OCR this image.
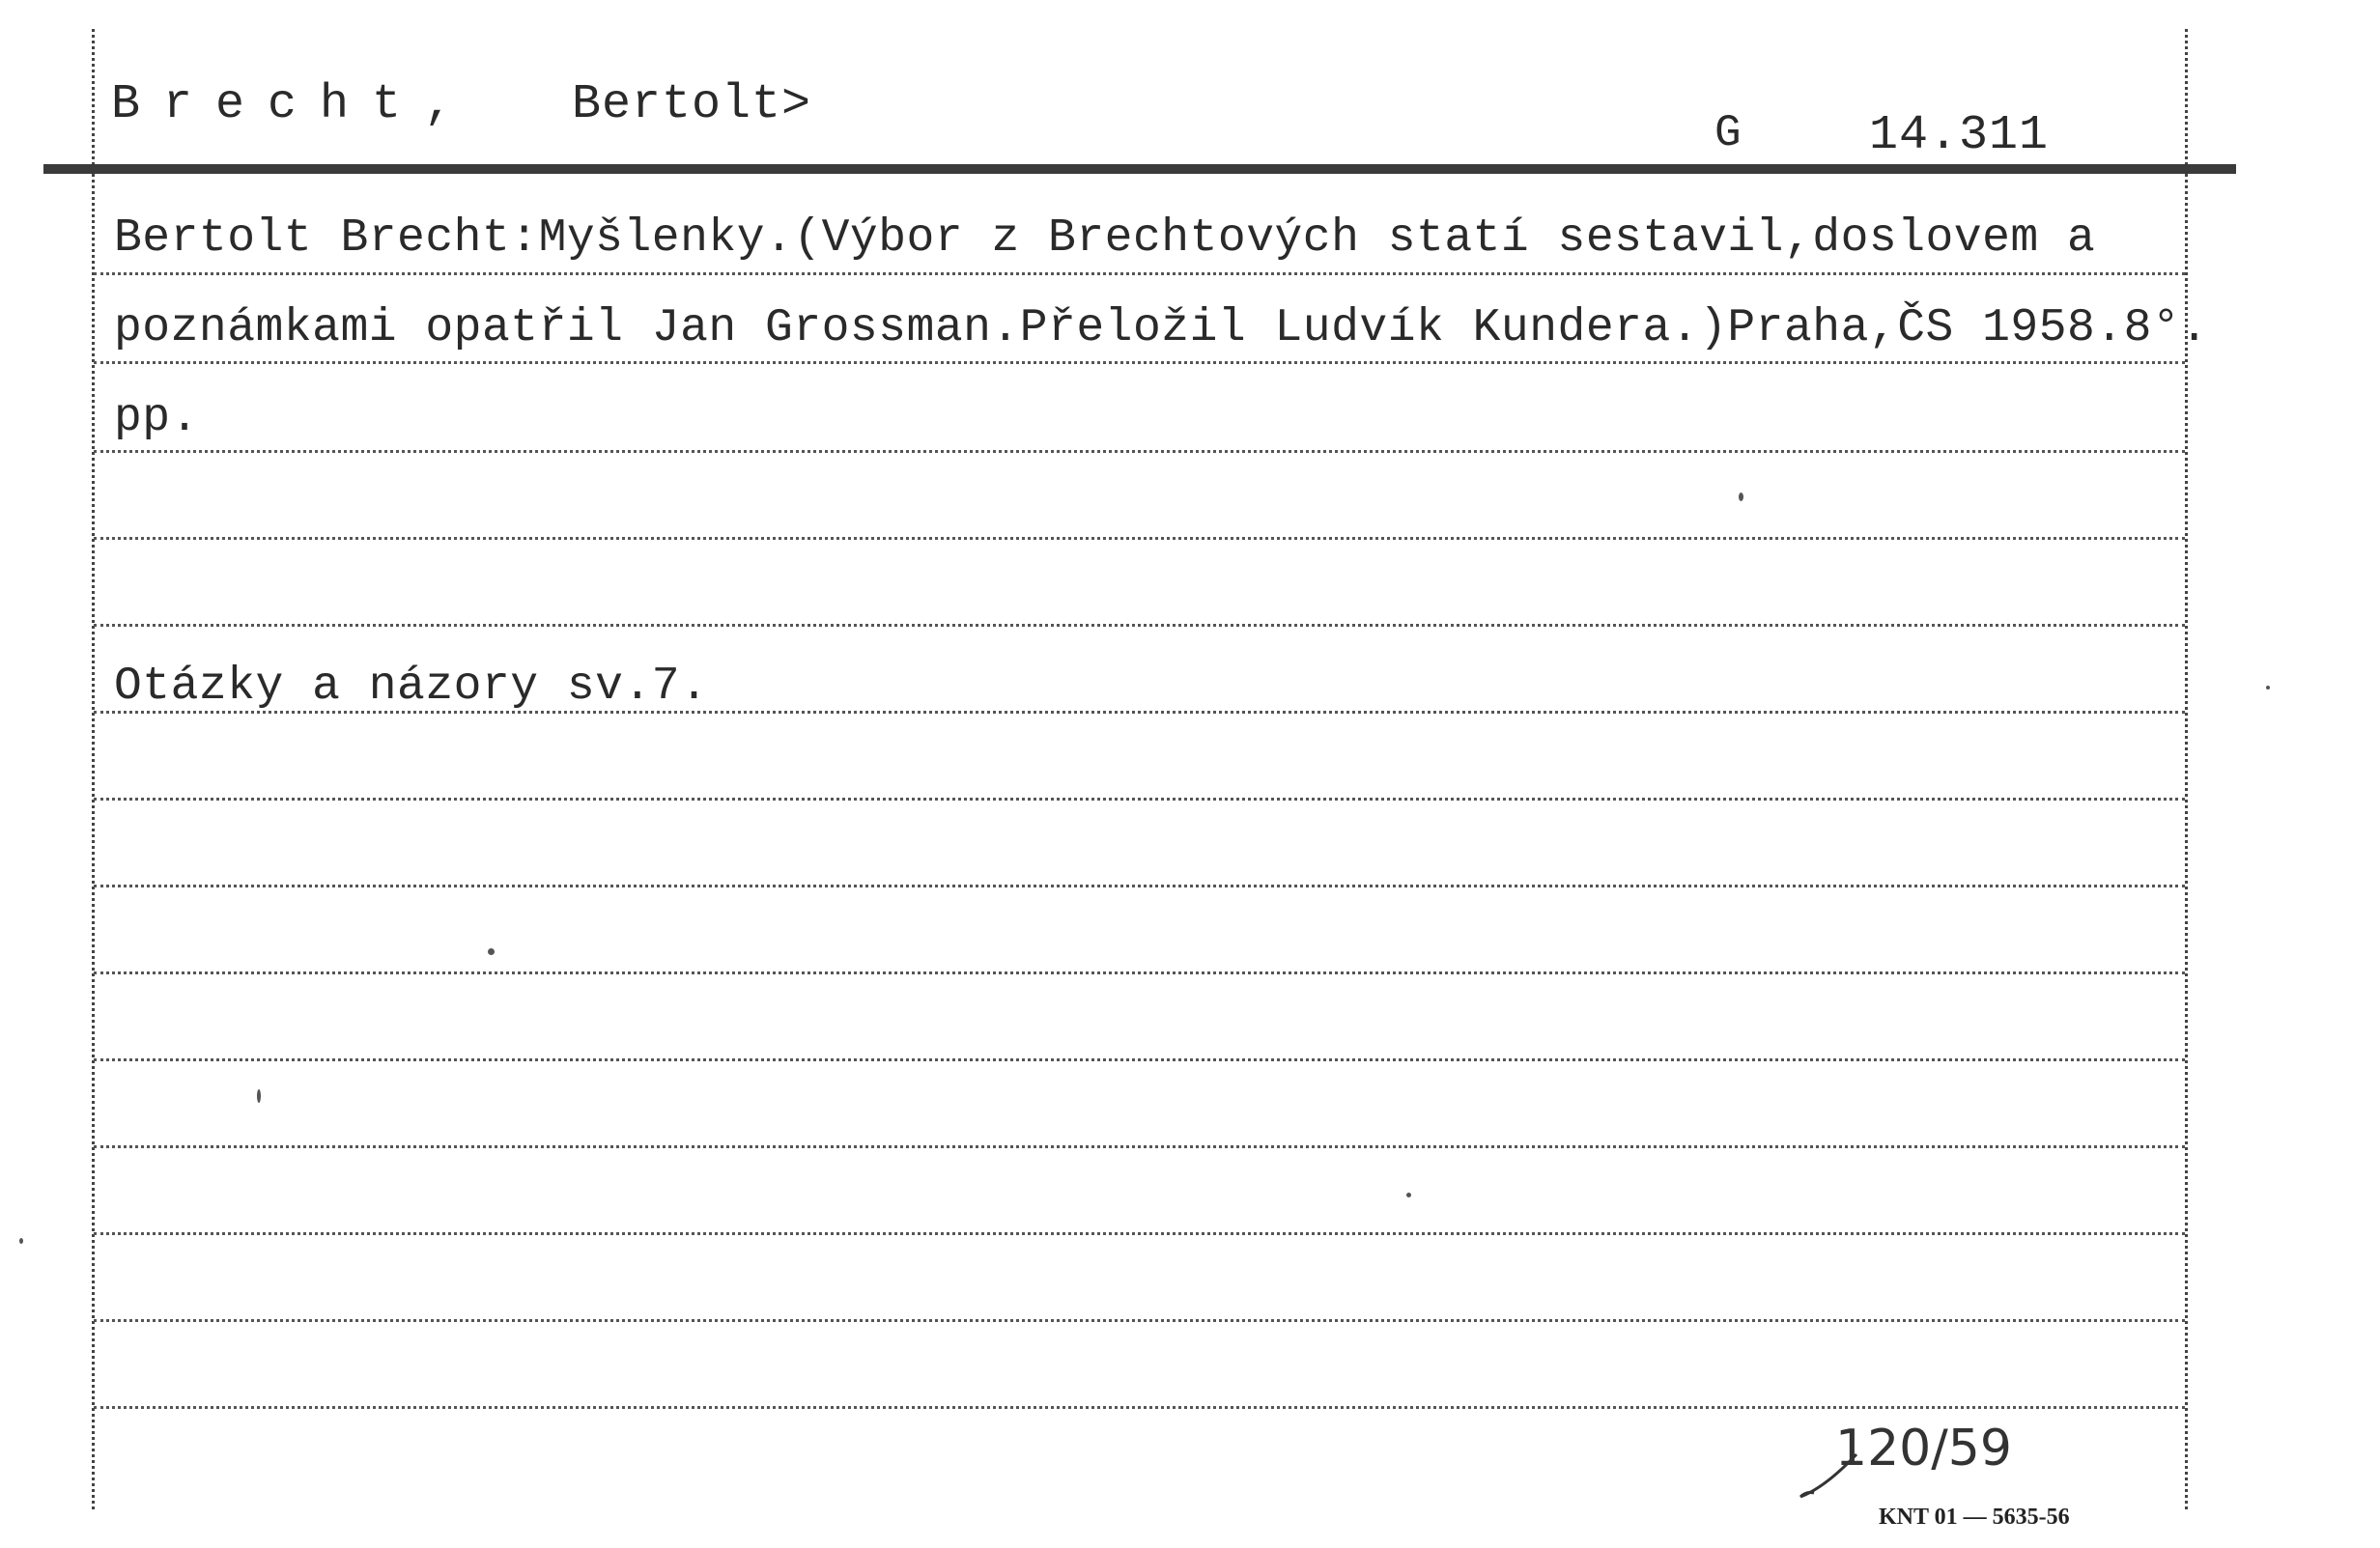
Brecht, Bertolt>
G	14.311
Bertolt Brecht:Myšlenky.(Výbor z Brechtových statí sestavil,doslovem a
poznámkami opatřil Jan Grossman.Přeložil Ludvík Kundera.)Praha,ČS 1958.8°.
pp.
Otázky a názory sv.7.
120/59
KNT 01 — 5635-56
